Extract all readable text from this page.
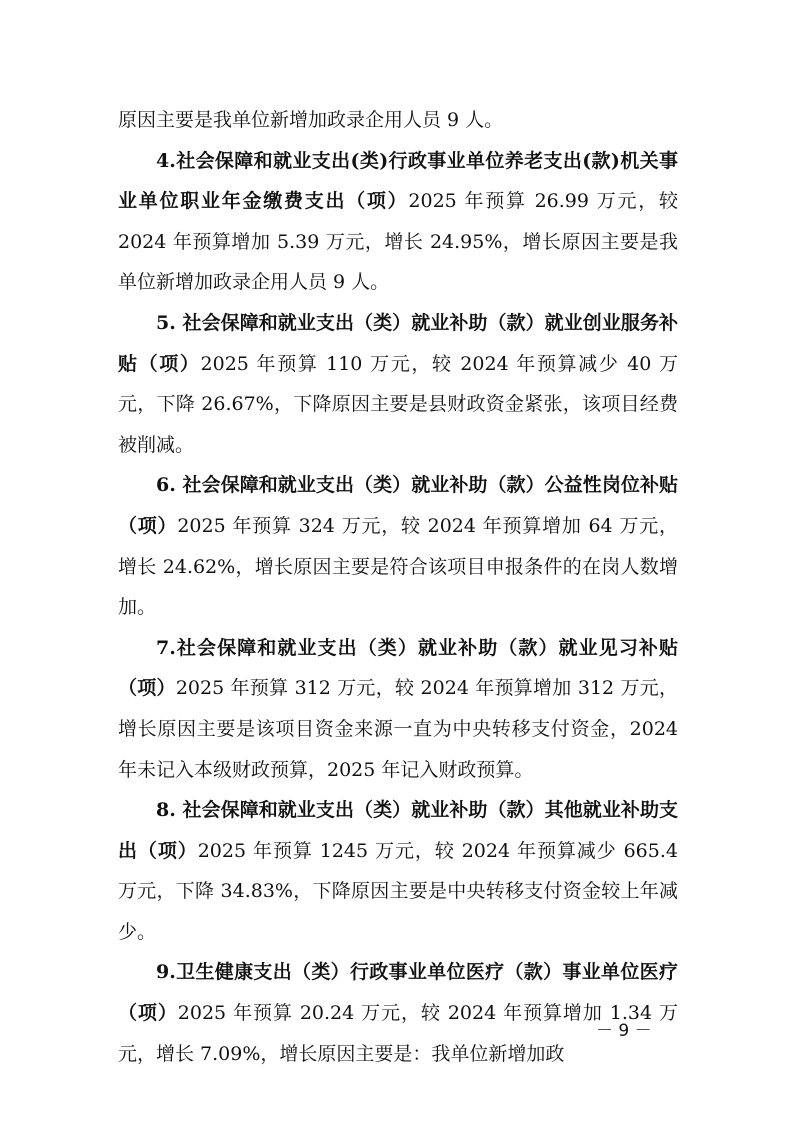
原因主要是我单位新增加政录企用人员 9 人。

4.社会保障和就业支出(类)行政事业单位养老支出(款)机关事业单位职业年金缴费支出（项）2025 年预算 26.99 万元，较 2024 年预算增加 5.39 万元，增长 24.95%，增长原因主要是我单位新增加政录企用人员 9 人。

5. 社会保障和就业支出（类）就业补助（款）就业创业服务补贴（项）2025 年预算 110 万元，较 2024 年预算减少 40 万元，下降 26.67%，下降原因主要是县财政资金紧张，该项目经费被削减。

6. 社会保障和就业支出（类）就业补助（款）公益性岗位补贴（项）2025 年预算 324 万元，较 2024 年预算增加 64 万元，增长 24.62%，增长原因主要是符合该项目申报条件的在岗人数增加。

7.社会保障和就业支出（类）就业补助（款）就业见习补贴（项）2025 年预算 312 万元，较 2024 年预算增加 312 万元，增长原因主要是该项目资金来源一直为中央转移支付资金，2024 年未记入本级财政预算，2025 年记入财政预算。

8. 社会保障和就业支出（类）就业补助（款）其他就业补助支出（项）2025 年预算 1245 万元，较 2024 年预算减少 665.4 万元，下降 34.83%，下降原因主要是中央转移支付资金较上年减少。

9.卫生健康支出（类）行政事业单位医疗（款）事业单位医疗（项）2025 年预算 20.24 万元，较 2024 年预算增加 1.34 万元，增长 7.09%，增长原因主要是：我单位新增加政

－ 9 －
